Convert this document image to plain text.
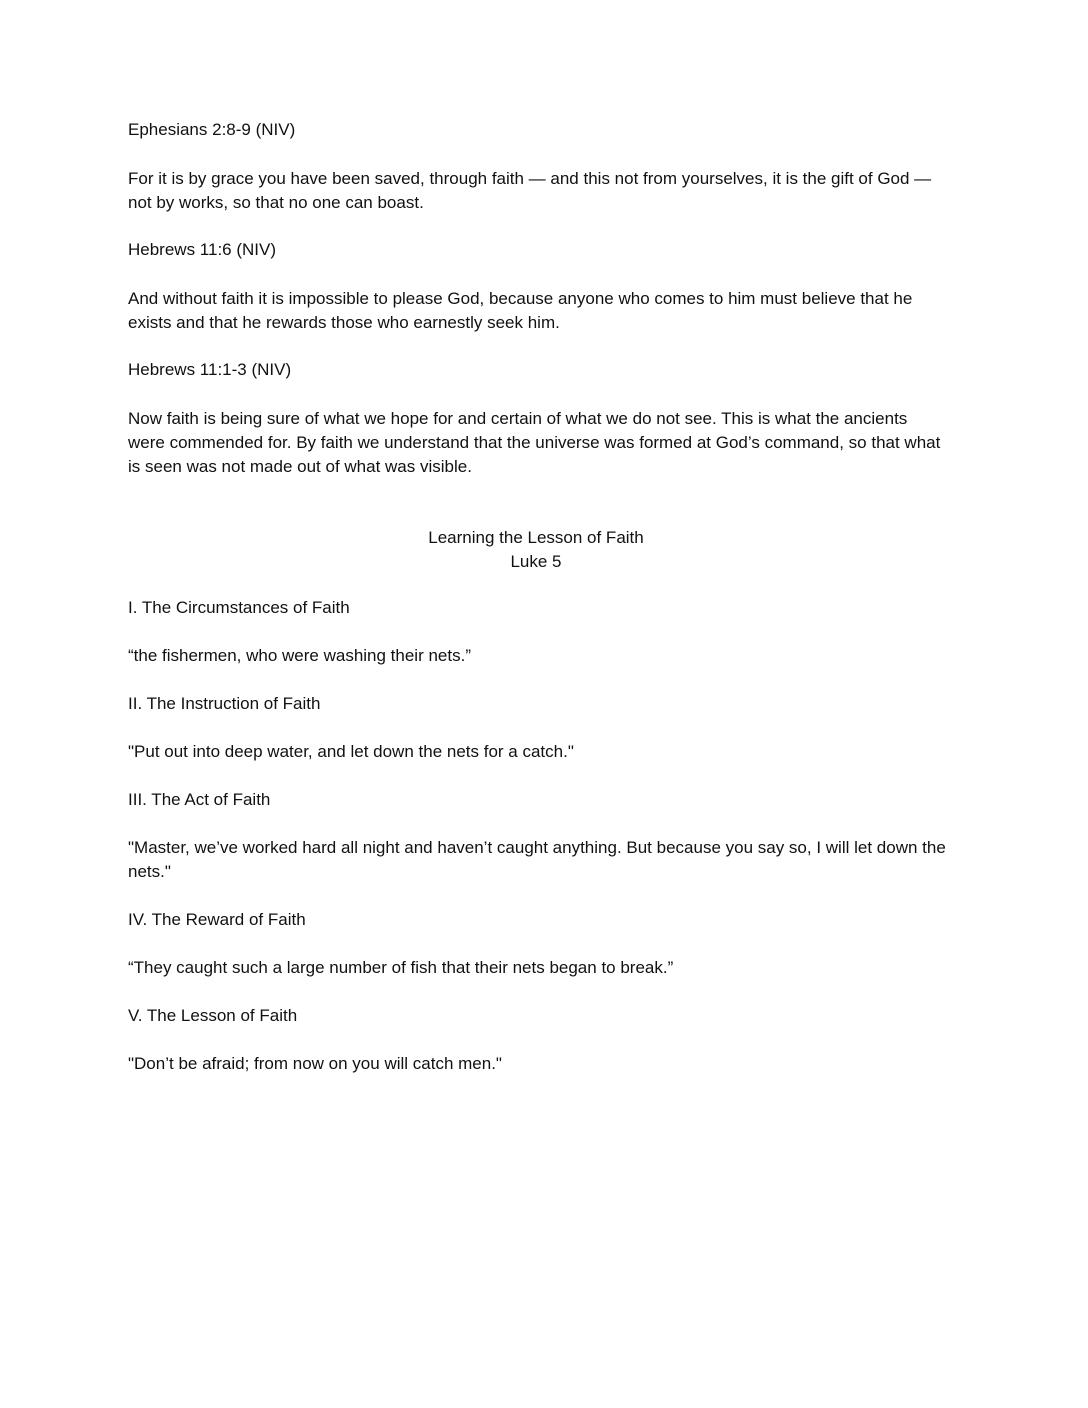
Ephesians 2:8-9 (NIV)

For it is by grace you have been saved, through faith — and this not from yourselves, it is the gift of God — not by works, so that no one can boast.

Hebrews 11:6 (NIV)

And without faith it is impossible to please God, because anyone who comes to him must believe that he exists and that he rewards those who earnestly seek him.

Hebrews 11:1-3 (NIV)

Now faith is being sure of what we hope for and certain of what we do not see. This is what the ancients were commended for. By faith we understand that the universe was formed at God’s command, so that what is seen was not made out of what was visible.

Learning the Lesson of Faith
Luke 5

I. The Circumstances of Faith

“the fishermen, who were washing their nets.”

II. The Instruction of Faith

"Put out into deep water, and let down the nets for a catch."

III. The Act of Faith

"Master, we’ve worked hard all night and haven’t caught anything. But because you say so, I will let down the nets."

IV. The Reward of Faith

“They caught such a large number of fish that their nets began to break.”

V. The Lesson of Faith

"Don’t be afraid; from now on you will catch men."
